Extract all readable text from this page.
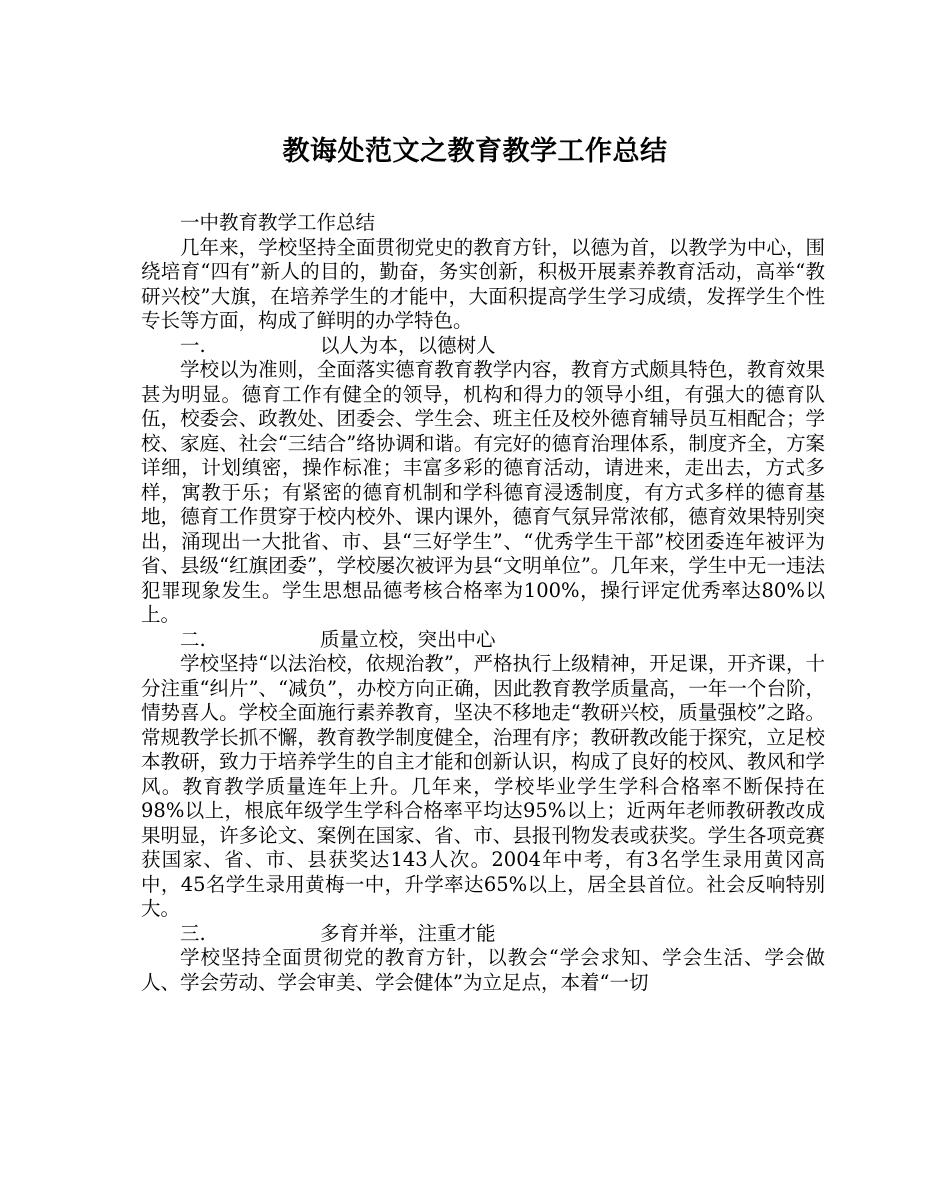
教诲处范文之教育教学工作总结

一中教育教学工作总结

几年来，学校坚持全面贯彻党史的教育方针，以德为首，以教学为中心，围绕培育“四有”新人的目的，勤奋，务实创新，积极开展素养教育活动，高举“教研兴校”大旗，在培养学生的才能中，大面积提高学生学习成绩，发挥学生个性专长等方面，构成了鲜明的办学特色。

一.	以人为本，以德树人

学校以为准则，全面落实德育教育教学内容，教育方式颇具特色，教育效果甚为明显。德育工作有健全的领导，机构和得力的领导小组，有强大的德育队伍，校委会、政教处、团委会、学生会、班主任及校外德育辅导员互相配合；学校、家庭、社会“三结合”络协调和谐。有完好的德育治理体系，制度齐全，方案详细，计划缜密，操作标准；丰富多彩的德育活动，请进来，走出去，方式多样，寓教于乐；有紧密的德育机制和学科德育浸透制度，有方式多样的德育基地，德育工作贯穿于校内校外、课内课外，德育气氛异常浓郁，德育效果特别突出，涌现出一大批省、市、县“三好学生”、“优秀学生干部”校团委连年被评为省、县级“红旗团委”，学校屡次被评为县“文明单位”。几年来，学生中无一违法犯罪现象发生。学生思想品德考核合格率为100%，操行评定优秀率达80%以上。

二.	质量立校，突出中心

学校坚持“以法治校，依规治教”，严格执行上级精神，开足课，开齐课，十分注重“纠片”、“减负”，办校方向正确，因此教育教学质量高，一年一个台阶，情势喜人。学校全面施行素养教育，坚决不移地走“教研兴校，质量强校”之路。常规教学长抓不懈，教育教学制度健全，治理有序；教研教改能于探究，立足校本教研，致力于培养学生的自主才能和创新认识，构成了良好的校风、教风和学风。教育教学质量连年上升。几年来，学校毕业学生学科合格率不断保持在98%以上，根底年级学生学科合格率平均达95%以上；近两年老师教研教改成果明显，许多论文、案例在国家、省、市、县报刊物发表或获奖。学生各项竞赛获国家、省、市、县获奖达143人次。2004年中考，有3名学生录用黄冈高中，45名学生录用黄梅一中，升学率达65%以上，居全县首位。社会反响特别大。

三.	多育并举，注重才能

学校坚持全面贯彻党的教育方针，以教会“学会求知、学会生活、学会做人、学会劳动、学会审美、学会健体”为立足点，本着“一切
